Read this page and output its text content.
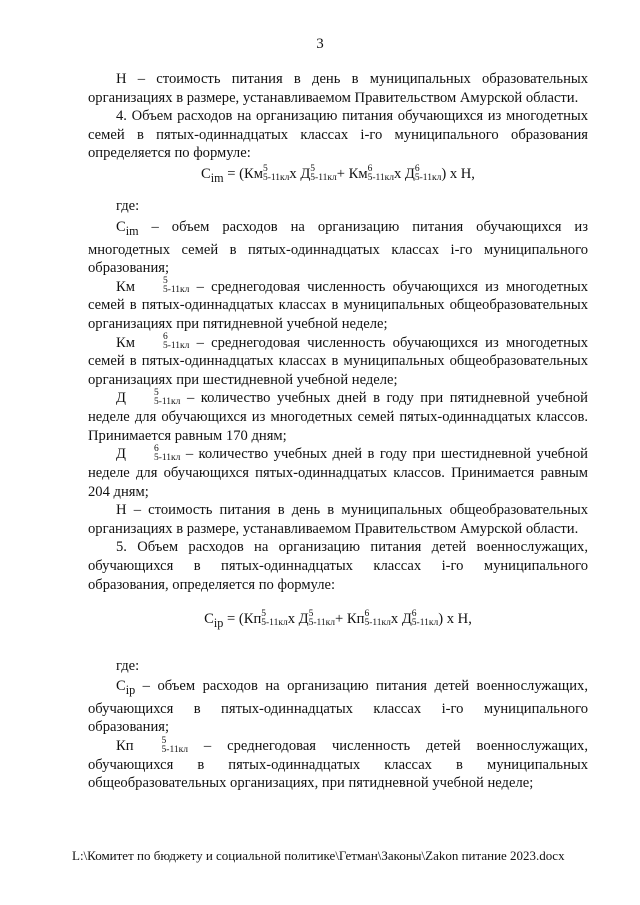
3

Н – стоимость питания в день в муниципальных образовательных организациях в размере, устанавливаемом Правительством Амурской области.

4. Объем расходов на организацию питания обучающихся из многодетных семей в пятых-одиннадцатых классах i-го муниципального образования определяется по формуле:

$C_{im} = (Км$ 5
5-11кл х Д 5
5-11кл + Км 6
5-11кл х Д 6
5-11кл ) х Н,

где:

$C_{im}$ – объем расходов на организацию питания обучающихся из многодетных семей в пятых-одиннадцатых классах i-го муниципального образования;

Км	5
5-11кл – среднегодовая численность обучающихся из многодетных семей в пятых-одиннадцатых классах в муниципальных общеобразовательных организациях при пятидневной учебной неделе;

Км	6
5-11кл – среднегодовая численность обучающихся из многодетных семей в пятых-одиннадцатых классах в муниципальных общеобразовательных организациях при шестидневной учебной неделе;

Д	5
5-11кл – количество учебных дней в году при пятидневной учебной неделе для обучающихся из многодетных семей пятых-одиннадцатых классов. Принимается равным 170 дням;

Д	6
5-11кл – количество учебных дней в году при шестидневной учебной неделе для обучающихся пятых-одиннадцатых классов. Принимается равным 204 дням;

Н – стоимость питания в день в муниципальных общеобразовательных организациях в размере, устанавливаемом Правительством Амурской области.

5. Объем расходов на организацию питания детей военнослужащих, обучающихся в пятых-одиннадцатых классах i-го муниципального образования, определяется по формуле:

$C_{ip} = (Кп$ 5
5-11кл х Д 5
5-11кл + Кп 6
5-11кл х Д 6
5-11кл ) х Н,

где:

$C_{ip}$ – объем расходов на организацию питания детей военнослужащих, обучающихся в пятых-одиннадцатых классах i-го муниципального образования;

Кп	5
5-11кл – среднегодовая численность детей военнослужащих, обучающихся в пятых-одиннадцатых классах в муниципальных общеобразовательных организациях, при пятидневной учебной неделе;

L:\Комитет по бюджету и социальной политике\Гетман\Законы\Zakon питание 2023.docx
